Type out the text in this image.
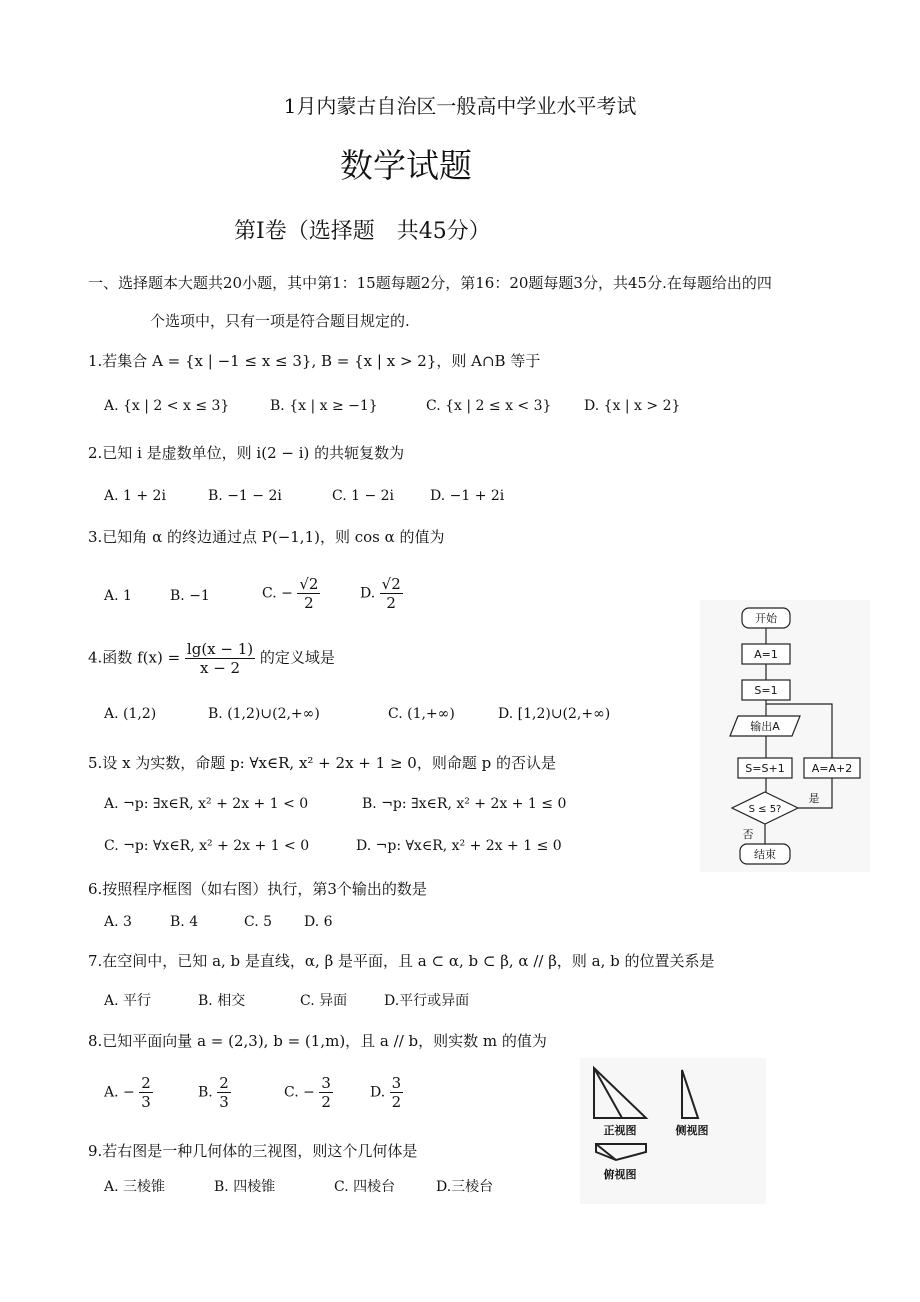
1月内蒙古自治区一般高中学业水平考试
数学试题
第Ⅰ卷（选择题　共45分）
一、选择题本大题共20小题，其中第1：15题每题2分，第16：20题每题3分，共45分.在每题给出的四
个选项中，只有一项是符合题目规定的.
1.若集合 A = {x | −1 ≤ x ≤ 3}, B = {x | x > 2}，则 A∩B 等于
A. {x | 2 < x ≤ 3}	B. {x | x ≥ −1}	C. {x | 2 ≤ x < 3} D. {x | x > 2}
2.已知 i 是虚数单位，则 i(2 − i) 的共轭复数为
A. 1 + 2i	B. −1 − 2i	C. 1 − 2i	D. −1 + 2i
3.已知角 α 的终边通过点 P(−1,1)，则 cos α 的值为
A. 1	B. −1	C. − $\frac{√2}{2}$	D. $\frac{√2}{2}$
4.函数 $f(x) = \frac{\lg(x - 1)}{x - 2}$ 的定义域是
A. (1,2)	B. (1,2)∪(2,+∞)	C. (1,+∞)	D. [1,2)∪(2,+∞)
5.设 x 为实数，命题 p: ∀x∈R, x² + 2x + 1 ≥ 0，则命题 p 的否认是
A. ¬p: ∃x∈R, x² + 2x + 1 < 0	B. ¬p: ∃x∈R, x² + 2x + 1 ≤ 0
C. ¬p: ∀x∈R, x² + 2x + 1 < 0	D. ¬p: ∀x∈R, x² + 2x + 1 ≤ 0
6.按照程序框图（如右图）执行，第3个输出的数是
A. 3	B. 4	C. 5 D. 6
7.在空间中，已知 a, b 是直线，α, β 是平面，且 a ⊂ α, b ⊂ β, α // β，则 a, b 的位置关系是
A. 平行	B. 相交	C. 异面	D.平行或异面
8.已知平面向量 a = (2,3), b = (1,m)，且 a // b，则实数 m 的值为
A. − $\frac{2}{3}$	B. $\frac{2}{3}$	C. − $\frac{3}{2}$	D. $\frac{3}{2}$
9.若右图是一种几何体的三视图，则这个几何体是
A. 三棱锥	B. 四棱锥	C. 四棱台	D.三棱台
开始
A=1
S=1
输出A
S=S+1 A=A+2
S ≤ 5?
是
否
结束
正视图	侧视图
俯视图
